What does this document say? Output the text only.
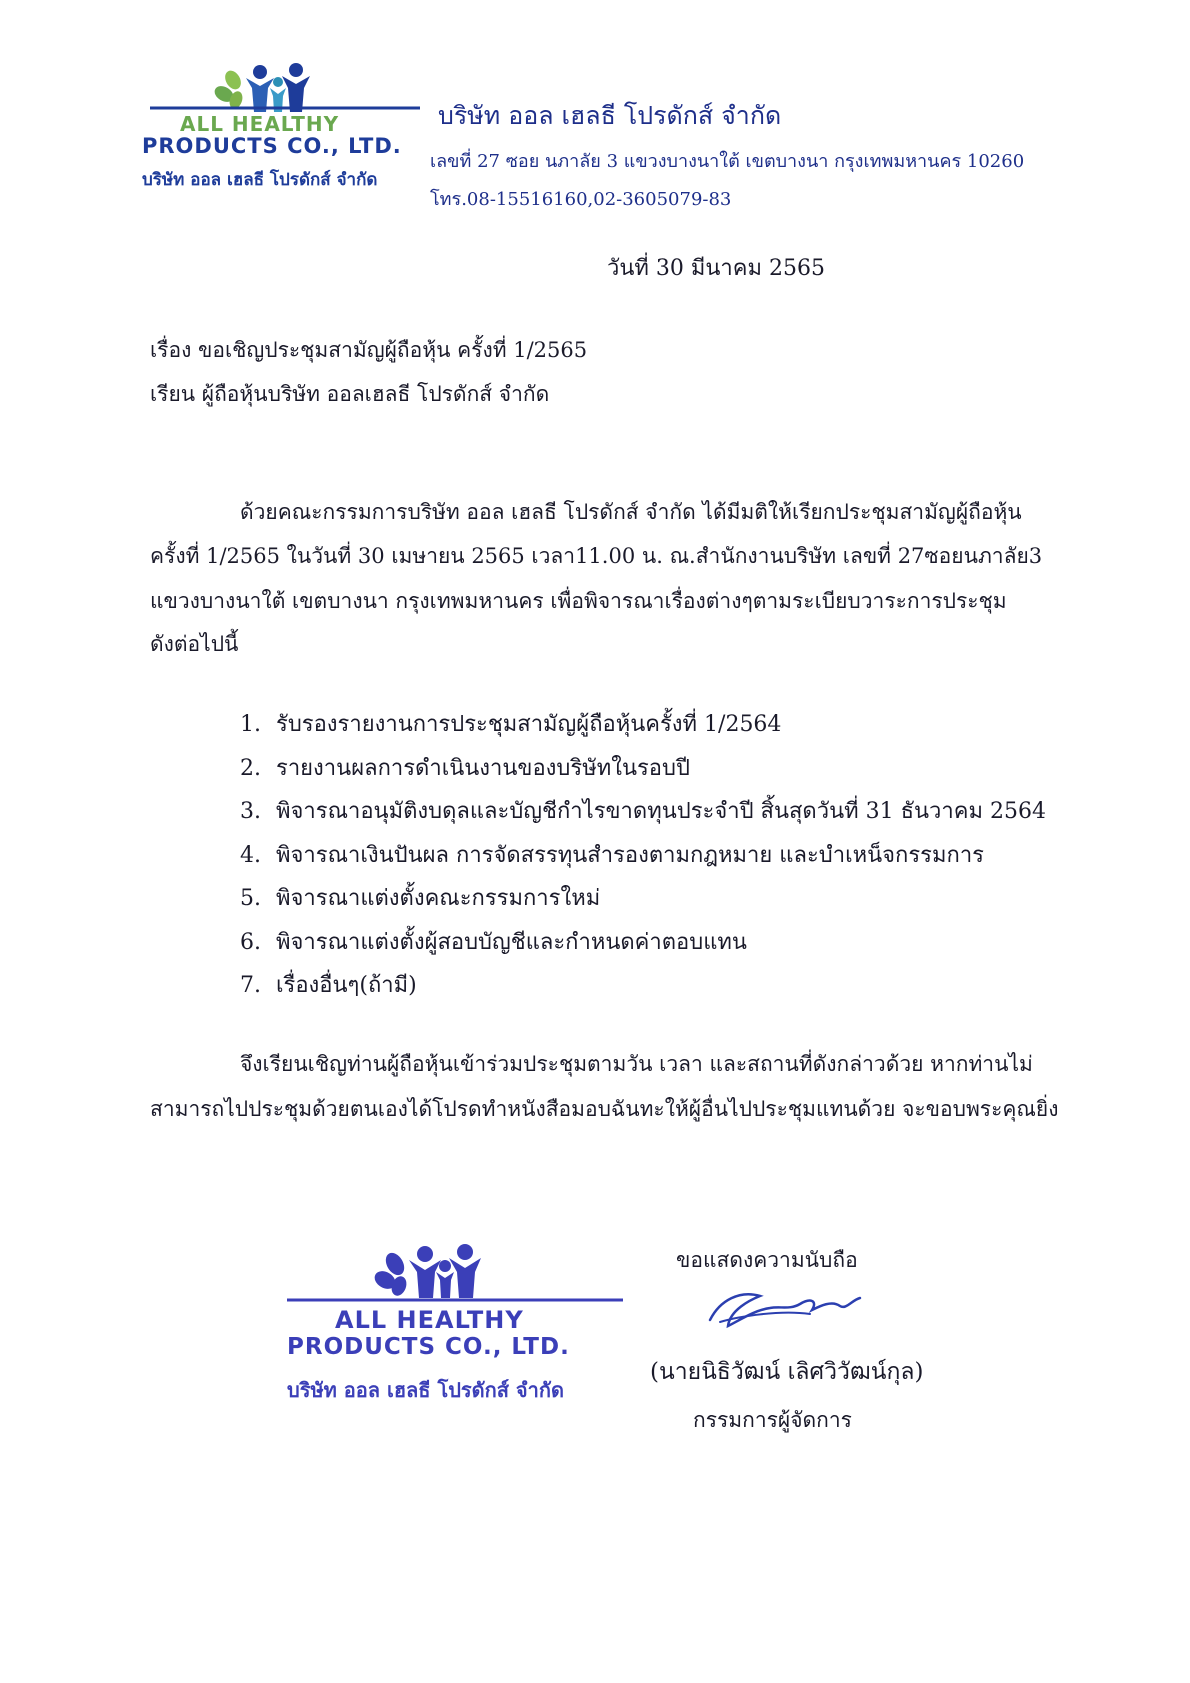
ALL HEALTHY
PRODUCTS CO., LTD.
บริษัท ออล เฮลธี โปรดักส์ จำกัด
บริษัท ออล เฮลธี โปรดักส์ จำกัด
เลขที่ 27 ซอย นภาลัย 3 แขวงบางนาใต้ เขตบางนา กรุงเทพมหานคร 10260
โทร.08-15516160,02-3605079-83
วันที่ 30 มีนาคม 2565
เรื่อง ขอเชิญประชุมสามัญผู้ถือหุ้น ครั้งที่ 1/2565
เรียน ผู้ถือหุ้นบริษัท ออลเฮลธี โปรดักส์ จำกัด
ด้วยคณะกรรมการบริษัท ออล เฮลธี โปรดักส์ จำกัด ได้มีมติให้เรียกประชุมสามัญผู้ถือหุ้น
ครั้งที่ 1/2565 ในวันที่ 30 เมษายน 2565 เวลา11.00 น. ณ.สำนักงานบริษัท เลขที่ 27ซอยนภาลัย3
แขวงบางนาใต้ เขตบางนา กรุงเทพมหานคร เพื่อพิจารณาเรื่องต่างๆตามระเบียบวาระการประชุม
ดังต่อไปนี้
1. รับรองรายงานการประชุมสามัญผู้ถือหุ้นครั้งที่ 1/2564
2. รายงานผลการดำเนินงานของบริษัทในรอบปี
3. พิจารณาอนุมัติงบดุลและบัญชีกำไรขาดทุนประจำปี สิ้นสุดวันที่ 31 ธันวาคม 2564
4. พิจารณาเงินปันผล การจัดสรรทุนสำรองตามกฎหมาย และบำเหน็จกรรมการ
5. พิจารณาแต่งตั้งคณะกรรมการใหม่
6. พิจารณาแต่งตั้งผู้สอบบัญชีและกำหนดค่าตอบแทน
7. เรื่องอื่นๆ(ถ้ามี)
จึงเรียนเชิญท่านผู้ถือหุ้นเข้าร่วมประชุมตามวัน เวลา และสถานที่ดังกล่าวด้วย หากท่านไม่
สามารถไปประชุมด้วยตนเองได้โปรดทำหนังสือมอบฉันทะให้ผู้อื่นไปประชุมแทนด้วย จะขอบพระคุณยิ่ง
ALL HEALTHY
PRODUCTS CO., LTD.
บริษัท ออล เฮลธี โปรดักส์ จำกัด
ขอแสดงความนับถือ
(นายนิธิวัฒน์ เลิศวิวัฒน์กุล)
กรรมการผู้จัดการ
